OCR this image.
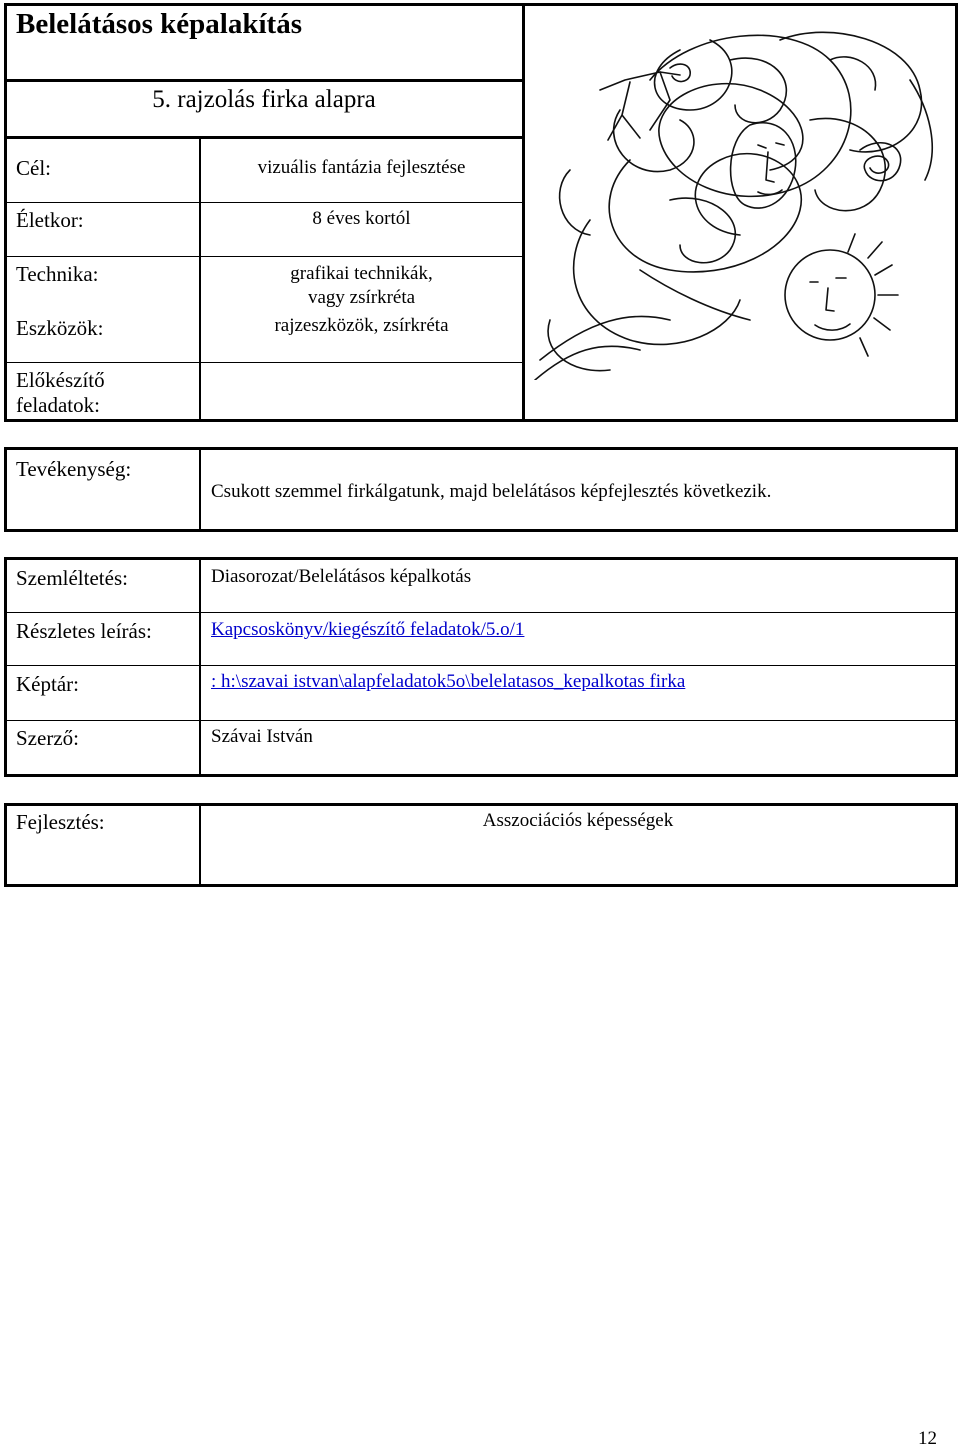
Belelátásos képalakítás
5. rajzolás firka alapra
Cél:	vizuális fantázia fejlesztése
Életkor:	8 éves kortól
Technika:	grafikai technikák,
vagy zsírkréta
Eszközök:	rajzeszközök, zsírkréta
Előkészítő
feladatok:
Tevékenység:
Csukott szemmel firkálgatunk, majd belelátásos képfejlesztés következik.
Szemléltetés:	Diasorozat/Belelátásos képalkotás
Részletes leírás:	Kapcsoskönyv/kiegészítő feladatok/5.o/1
Képtár:	: h:\szavai istvan\alapfeladatok5o\belelatasos_kepalkotas firka
Szerző:	Szávai István
Fejlesztés:	Asszociációs képességek
12
